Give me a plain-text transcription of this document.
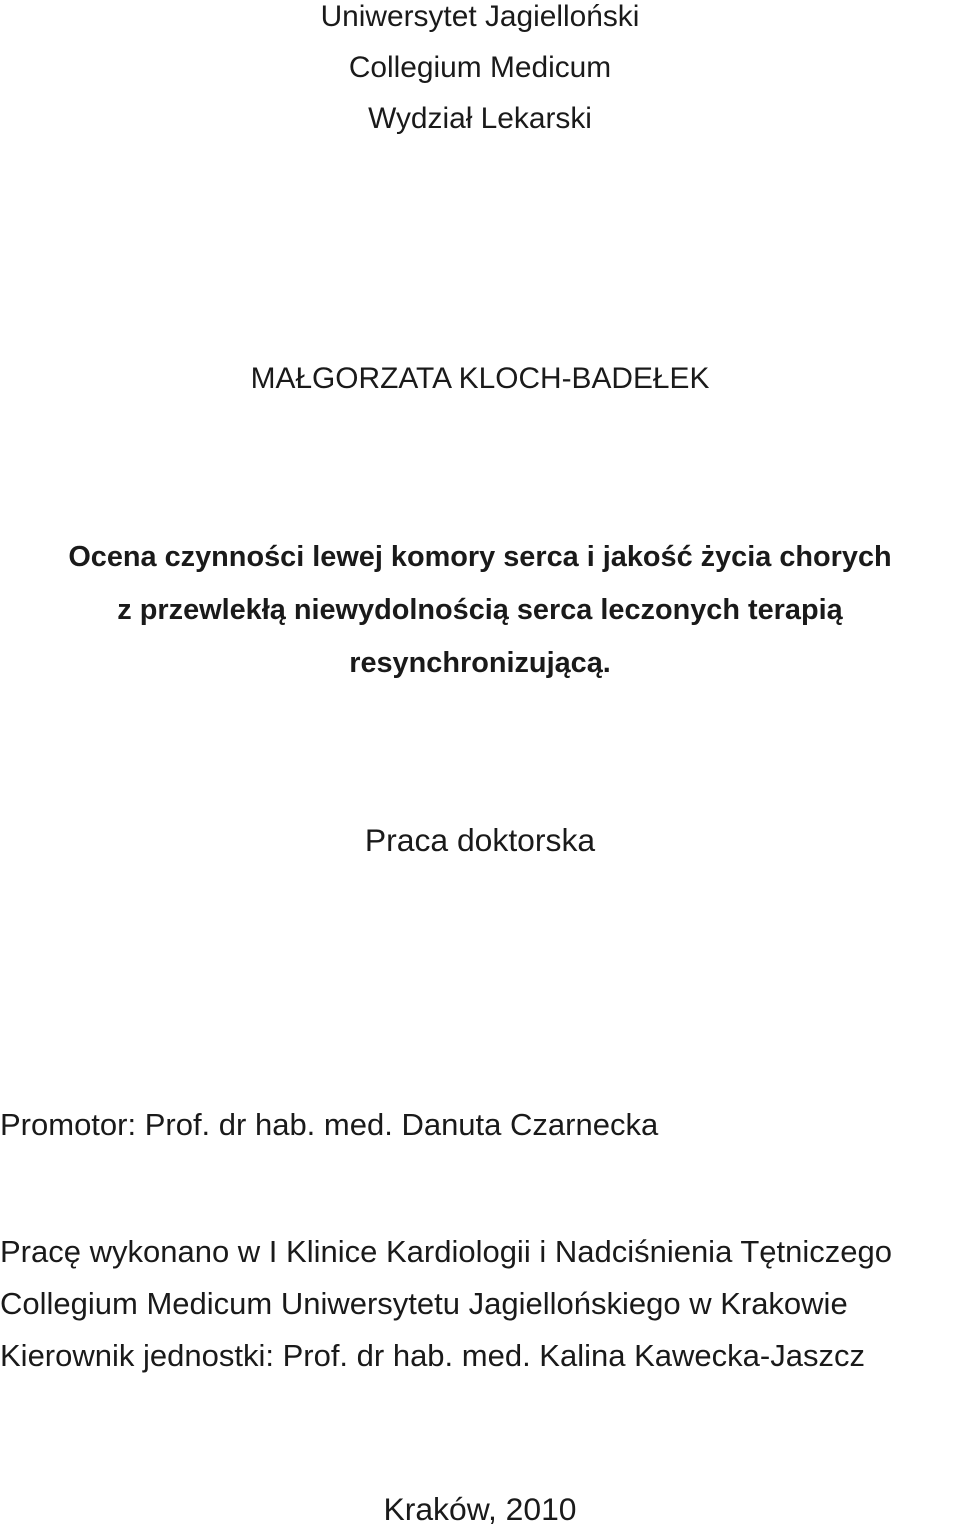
Uniwersytet Jagielloński
Collegium Medicum
Wydział Lekarski
MAŁGORZATA KLOCH-BADEŁEK
Ocena czynności lewej komory serca i jakość życia chorych
z przewlekłą niewydolnością serca leczonych terapią
resynchronizującą.
Praca doktorska
Promotor: Prof. dr hab. med. Danuta Czarnecka
Pracę wykonano w I Klinice Kardiologii i Nadciśnienia Tętniczego
Collegium Medicum Uniwersytetu Jagiellońskiego w Krakowie
Kierownik jednostki: Prof. dr hab. med. Kalina Kawecka-Jaszcz
Kraków, 2010
